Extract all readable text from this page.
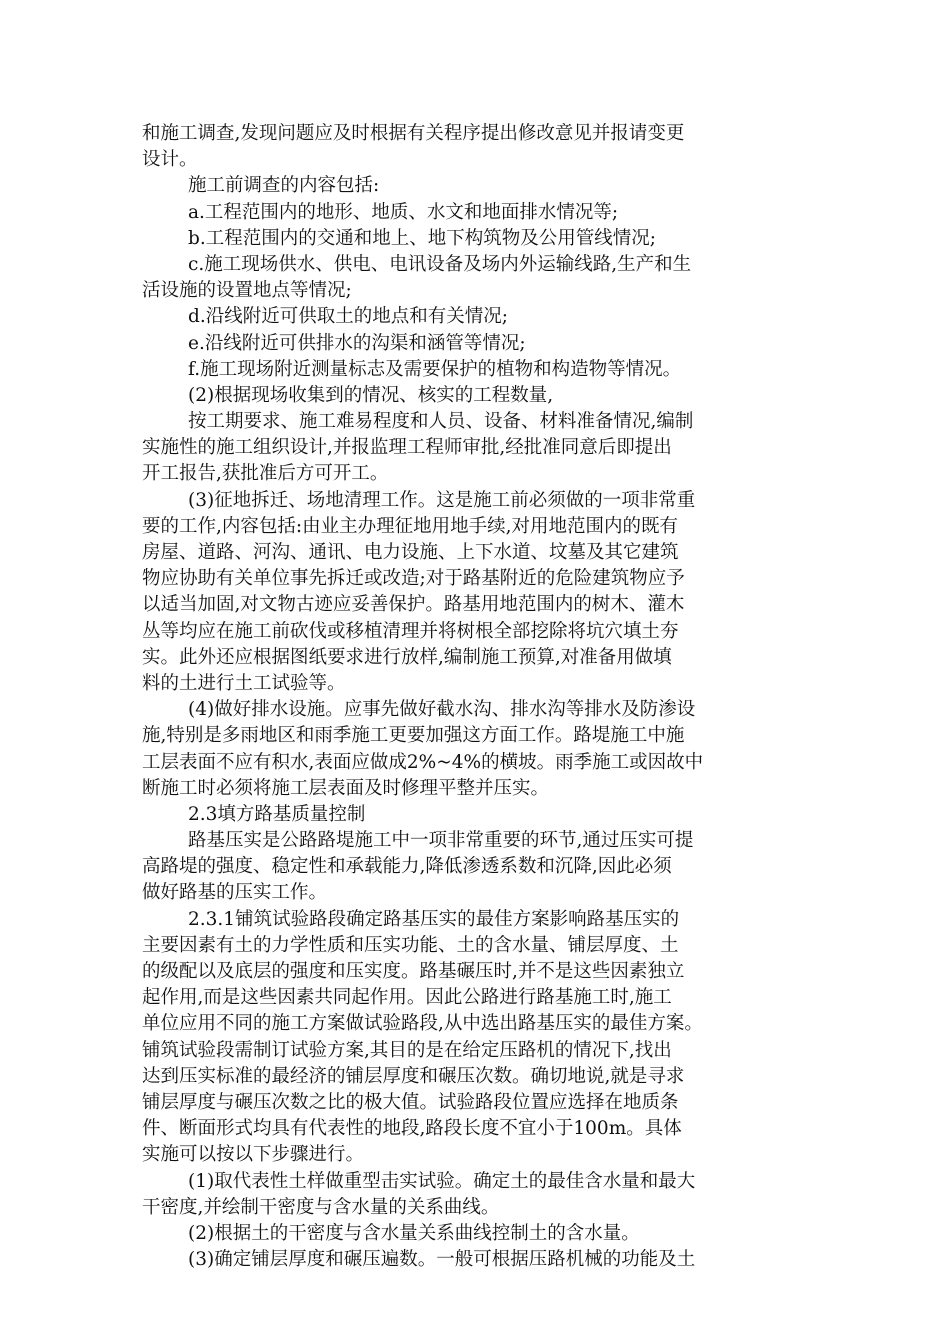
和施工调查,发现问题应及时根据有关程序提出修改意见并报请变更
设计。
施工前调查的内容包括:
a.工程范围内的地形、地质、水文和地面排水情况等;
b.工程范围内的交通和地上、地下构筑物及公用管线情况;
c.施工现场供水、供电、电讯设备及场内外运输线路,生产和生
活设施的设置地点等情况;
d.沿线附近可供取土的地点和有关情况;
e.沿线附近可供排水的沟渠和涵管等情况;
f.施工现场附近测量标志及需要保护的植物和构造物等情况。
(2)根据现场收集到的情况、核实的工程数量,
按工期要求、施工难易程度和人员、设备、材料准备情况,编制
实施性的施工组织设计,并报监理工程师审批,经批准同意后即提出
开工报告,获批准后方可开工。
(3)征地拆迁、场地清理工作。这是施工前必须做的一项非常重
要的工作,内容包括:由业主办理征地用地手续,对用地范围内的既有
房屋、道路、河沟、通讯、电力设施、上下水道、坟墓及其它建筑
物应协助有关单位事先拆迁或改造;对于路基附近的危险建筑物应予
以适当加固,对文物古迹应妥善保护。路基用地范围内的树木、灌木
丛等均应在施工前砍伐或移植清理并将树根全部挖除将坑穴填土夯
实。此外还应根据图纸要求进行放样,编制施工预算,对准备用做填
料的土进行土工试验等。
(4)做好排水设施。应事先做好截水沟、排水沟等排水及防渗设
施,特别是多雨地区和雨季施工更要加强这方面工作。路堤施工中施
工层表面不应有积水,表面应做成2%~4%的横坡。雨季施工或因故中
断施工时必须将施工层表面及时修理平整并压实。
2.3填方路基质量控制
路基压实是公路路堤施工中一项非常重要的环节,通过压实可提
高路堤的强度、稳定性和承载能力,降低渗透系数和沉降,因此必须
做好路基的压实工作。
2.3.1铺筑试验路段确定路基压实的最佳方案影响路基压实的
主要因素有土的力学性质和压实功能、土的含水量、铺层厚度、土
的级配以及底层的强度和压实度。路基碾压时,并不是这些因素独立
起作用,而是这些因素共同起作用。因此公路进行路基施工时,施工
单位应用不同的施工方案做试验路段,从中选出路基压实的最佳方案。
铺筑试验段需制订试验方案,其目的是在给定压路机的情况下,找出
达到压实标准的最经济的铺层厚度和碾压次数。确切地说,就是寻求
铺层厚度与碾压次数之比的极大值。试验路段位置应选择在地质条
件、断面形式均具有代表性的地段,路段长度不宜小于100m。具体
实施可以按以下步骤进行。
(1)取代表性土样做重型击实试验。确定土的最佳含水量和最大
干密度,并绘制干密度与含水量的关系曲线。
(2)根据土的干密度与含水量关系曲线控制土的含水量。
(3)确定铺层厚度和碾压遍数。一般可根据压路机械的功能及土
